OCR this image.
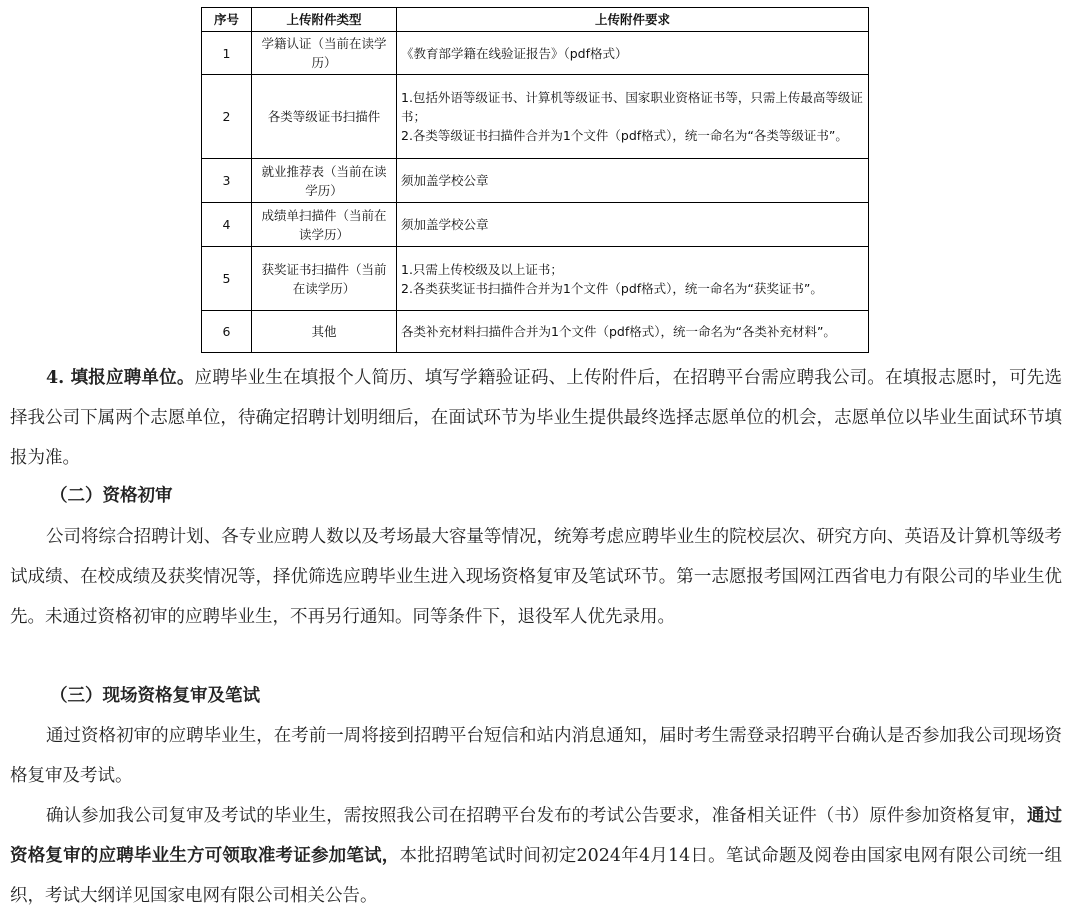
序号	上传附件类型	上传附件要求
1	学籍认证（当前在读学历）	《教育部学籍在线验证报告》（pdf格式）

2	各类等级证书扫描件	1.包括外语等级证书、计算机等级证书、国家职业资格证书等，只需上传最高等级证书；
2.各类等级证书扫描件合并为1个文件（pdf格式），统一命名为“各类等级证书”。

3	就业推荐表（当前在读学历）	须加盖学校公章

4	成绩单扫描件（当前在读学历）	须加盖学校公章

5	获奖证书扫描件（当前在读学历）	1.只需上传校级及以上证书；
2.各类获奖证书扫描件合并为1个文件（pdf格式），统一命名为“获奖证书”。

6	其他	各类补充材料扫描件合并为1个文件（pdf格式），统一命名为“各类补充材料”。

4. 填报应聘单位。应聘毕业生在填报个人简历、填写学籍验证码、上传附件后，在招聘平台需应聘我公司。在填报志愿时，可先选择我公司下属两个志愿单位，待确定招聘计划明细后，在面试环节为毕业生提供最终选择志愿单位的机会，志愿单位以毕业生面试环节填报为准。

（二）资格初审

公司将综合招聘计划、各专业应聘人数以及考场最大容量等情况，统筹考虑应聘毕业生的院校层次、研究方向、英语及计算机等级考试成绩、在校成绩及获奖情况等，择优筛选应聘毕业生进入现场资格复审及笔试环节。第一志愿报考国网江西省电力有限公司的毕业生优先。未通过资格初审的应聘毕业生，不再另行通知。同等条件下，退役军人优先录用。

（三）现场资格复审及笔试

通过资格初审的应聘毕业生，在考前一周将接到招聘平台短信和站内消息通知，届时考生需登录招聘平台确认是否参加我公司现场资格复审及考试。

确认参加我公司复审及考试的毕业生，需按照我公司在招聘平台发布的考试公告要求，准备相关证件（书）原件参加资格复审，通过资格复审的应聘毕业生方可领取准考证参加笔试，本批招聘笔试时间初定2024年4月14日。笔试命题及阅卷由国家电网有限公司统一组织，考试大纲详见国家电网有限公司相关公告。
